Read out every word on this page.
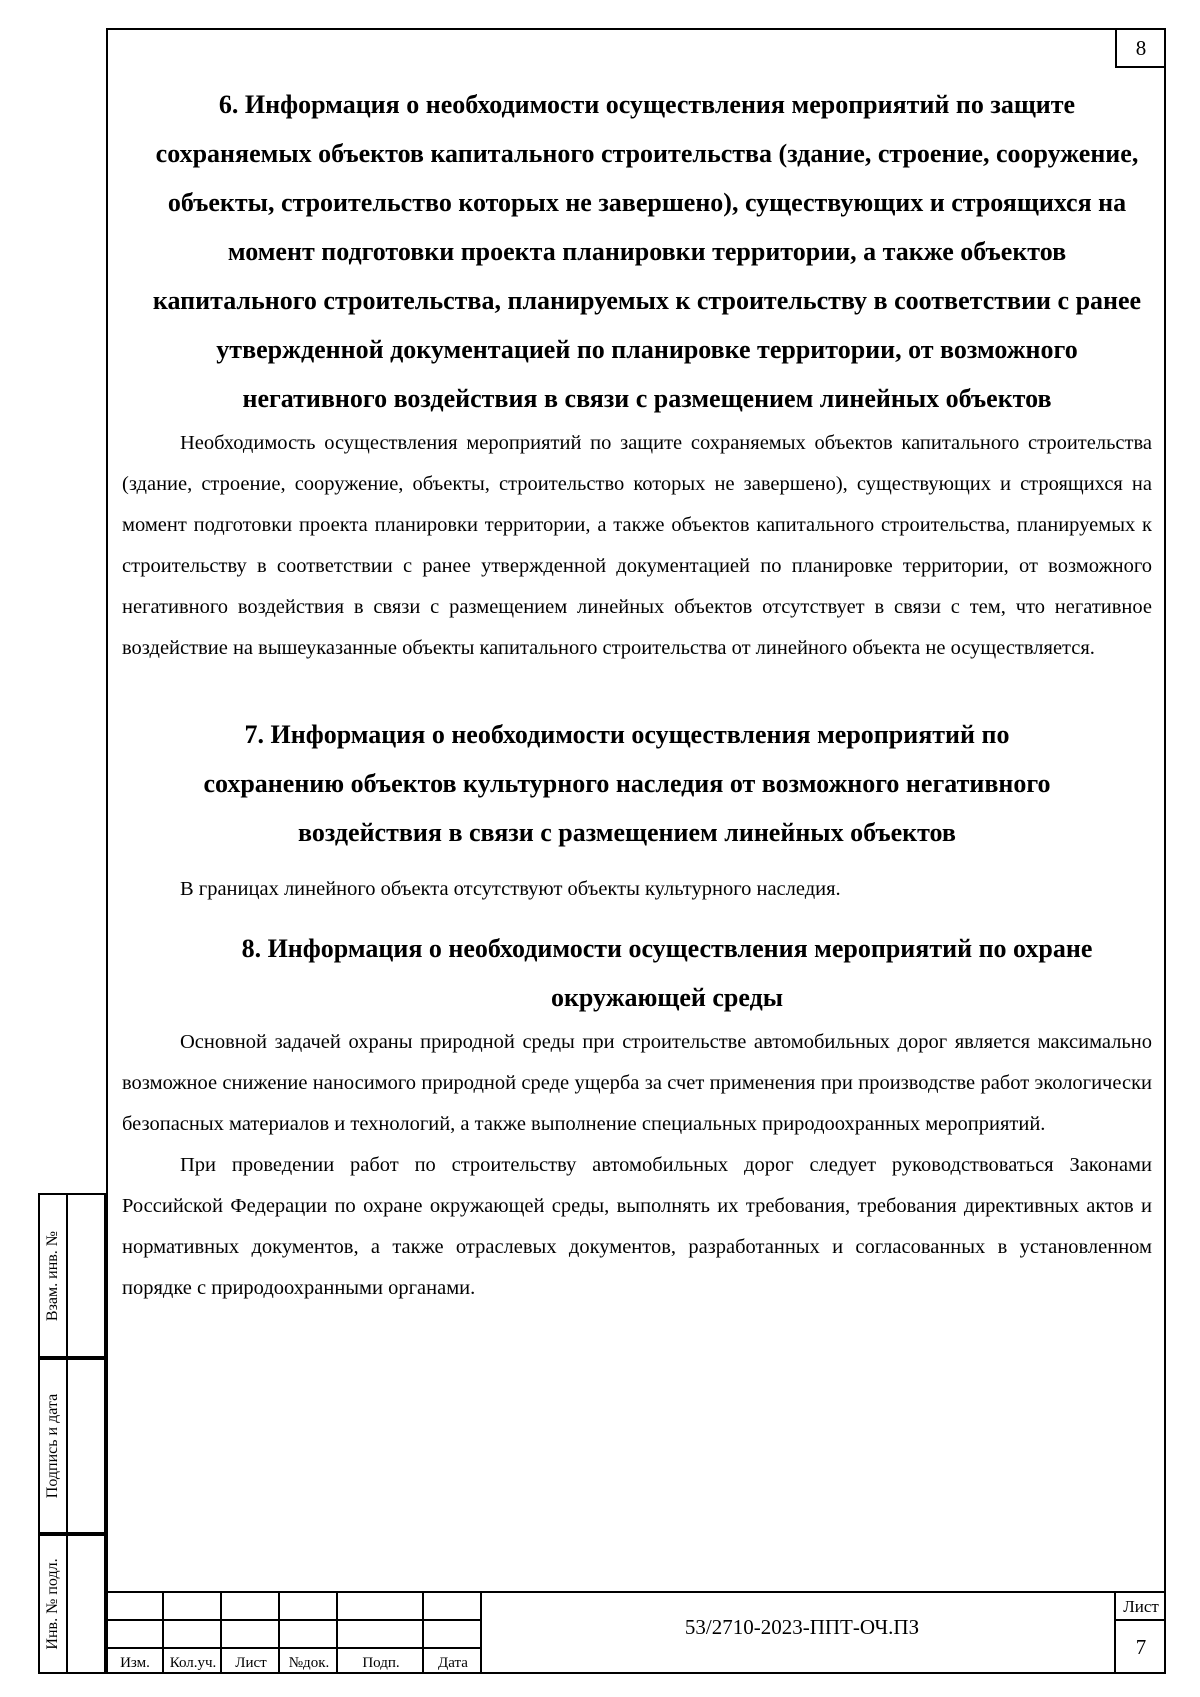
8
Взам. инв. №
Подпись и дата
Инв. № подл.
6. Информация о необходимости осуществления мероприятий по защите сохраняемых объектов капитального строительства (здание, строение, сооружение, объекты, строительство которых не завершено), существующих и строящихся на момент подготовки проекта планировки территории, а также объектов капитального строительства, планируемых к строительству в соответствии с ранее утвержденной документацией по планировке территории, от возможного негативного воздействия в связи с размещением линейных объектов

Необходимость осуществления мероприятий по защите сохраняемых объектов капитального строительства (здание, строение, сооружение, объекты, строительство которых не завершено), существующих и строящихся на момент подготовки проекта планировки территории, а также объектов капитального строительства, планируемых к строительству в соответствии с ранее утвержденной документацией по планировке территории, от возможного негативного воздействия в связи с размещением линейных объектов отсутствует в связи с тем, что негативное воздействие на вышеуказанные объекты капитального строительства от линейного объекта не осуществляется.

7. Информация о необходимости осуществления мероприятий по сохранению объектов культурного наследия от возможного негативного воздействия в связи с размещением линейных объектов

В границах линейного объекта отсутствуют объекты культурного наследия.

8. Информация о необходимости осуществления мероприятий по охране окружающей среды

Основной задачей охраны природной среды при строительстве автомобильных дорог является максимально возможное снижение наносимого природной среде ущерба за счет применения при производстве работ экологически безопасных материалов и технологий, а также выполнение специальных природоохранных мероприятий.

При проведении работ по строительству автомобильных дорог следует руководствоваться Законами Российской Федерации по охране окружающей среды, выполнять их требования, требования директивных актов и нормативных документов, а также отраслевых документов, разработанных и согласованных в установленном порядке с природоохранными органами.

Изм.	Кол.уч.	Лист	№док.	Подп.	Дата
53/2710-2023-ППТ-ОЧ.ПЗ
Лист
7
